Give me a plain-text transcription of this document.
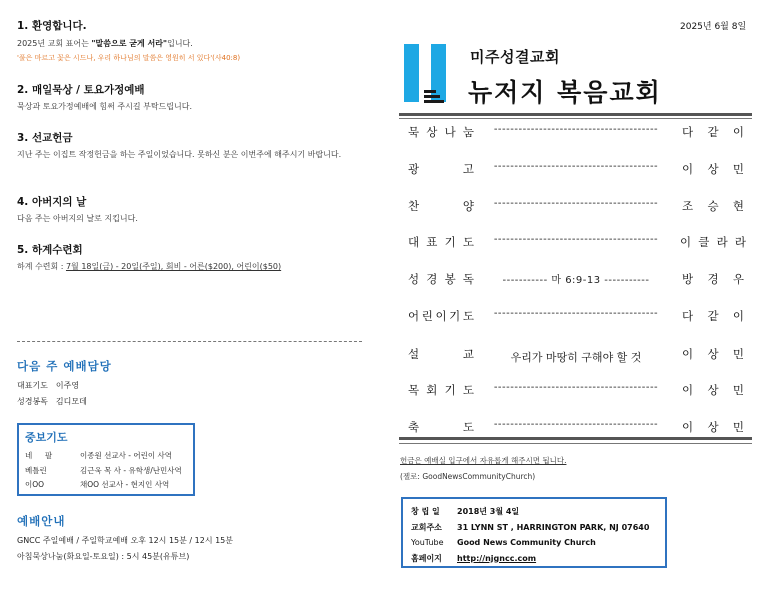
1. 환영합니다.
2025년 교회 표어는 "말씀으로 굳게 서라"입니다.
'풀은 마르고 꽃은 시드나, 우리 하나님의 말씀은 영원히 서 있다'(사40:8)
2. 매일묵상 / 토요가정예배
묵상과 토요가정예배에 힘써 주시길 부탁드립니다.
3. 선교헌금
지난 주는 이집트 작정헌금을 하는 주일이었습니다. 못하신 분은 이번주에 해주시기 바랍니다.
4. 아버지의 날
다음 주는 아버지의 날로 지킵니다.
5. 하계수련회
하계 수련회 : 7월 18일(금) - 20일(주일), 회비 - 어른($200), 어린이($50)
다음 주 예배담당
대표기도 이주영
성경봉독 김디모데
예배안내
GNCC 주일예배 / 주일학교예배 오후 12시 15분 / 12시 15분
아침묵상나눔(화요일-토요일) : 5시 45분(유튜브)
중보기도
네 팔	이종원 선교사 - 어린이 사역
베틀린	김근욱 목 사 - 유학생/난민사역
이OO	채OO 선교사 - 현지인 사역
2025년 6월 8일
미주성결교회
뉴저지 복음교회
묵 상 나 눔	----------------------------------------	다 같 이
광	고	----------------------------------------	이 상 민
찬	양	----------------------------------------	조 승 현
대 표 기 도	----------------------------------------	이 클 라 라
성 경 봉 독	----------- 마 6:9-13 -----------	방 경 우
어 린 이 기 도	----------------------------------------	다 같 이
설	교	우리가 마땅히 구해야 할 것	이 상 민
목 회 기 도	----------------------------------------	이 상 민
축	도	----------------------------------------	이 상 민
헌금은 예배실 입구에서 자유롭게 해주시면 됩니다.
(젤로: GoodNewsCommunityChurch)
창 립 일 2018년 3월 4일
교회주소 31 LYNN ST , HARRINGTON PARK, NJ 07640
YouTube Good News Community Church
홈페이지 http://njgncc.com
